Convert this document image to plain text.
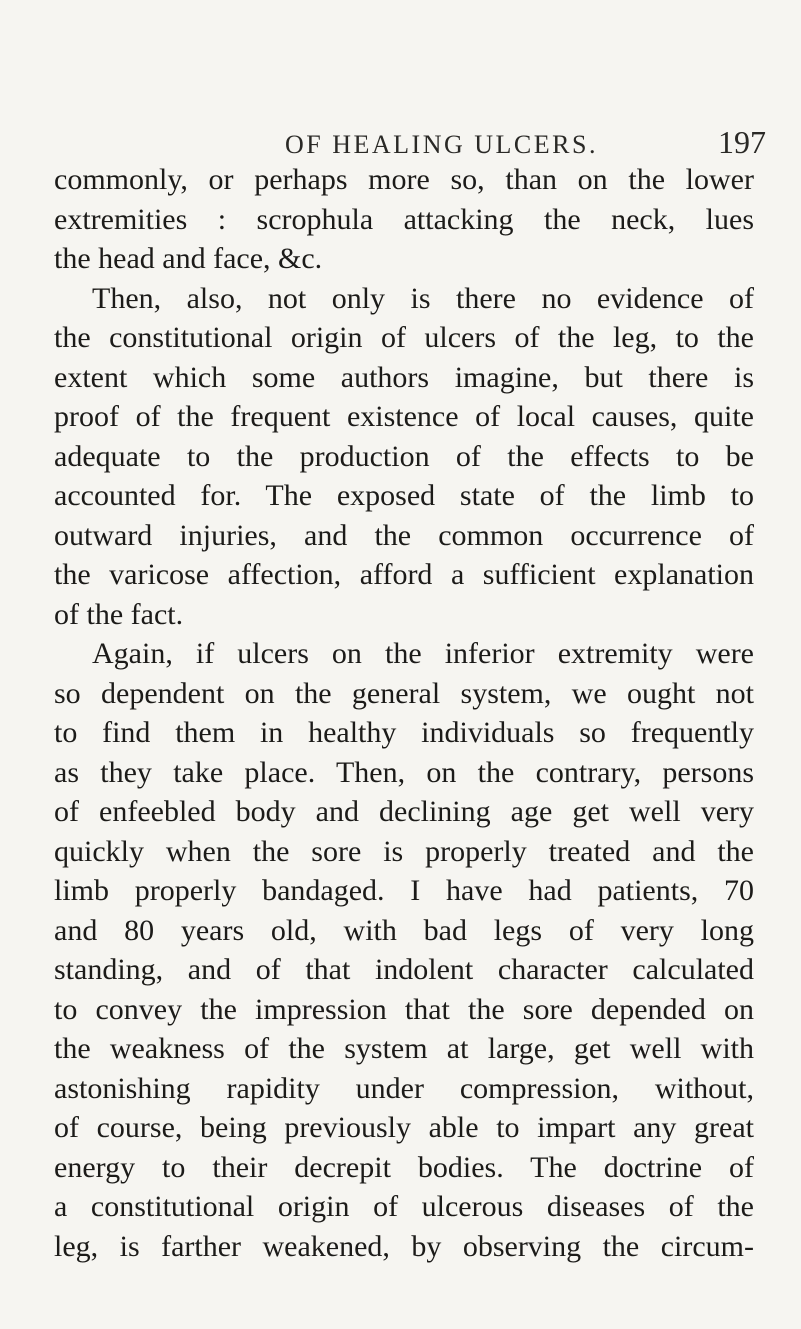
OF HEALING ULCERS.	197
commonly, or perhaps more so, than on the lower
extremities : scrophula attacking the neck, lues
the head and face, &c.
Then, also, not only is there no evidence of
the constitutional origin of ulcers of the leg, to the
extent which some authors imagine, but there is
proof of the frequent existence of local causes, quite
adequate to the production of the effects to be
accounted for. The exposed state of the limb to
outward injuries, and the common occurrence of
the varicose affection, afford a sufficient explanation
of the fact.
Again, if ulcers on the inferior extremity were
so dependent on the general system, we ought not
to find them in healthy individuals so frequently
as they take place. Then, on the contrary, persons
of enfeebled body and declining age get well very
quickly when the sore is properly treated and the
limb properly bandaged. I have had patients, 70
and 80 years old, with bad legs of very long
standing, and of that indolent character calculated
to convey the impression that the sore depended on
the weakness of the system at large, get well with
astonishing rapidity under compression, without,
of course, being previously able to impart any great
energy to their decrepit bodies. The doctrine of
a constitutional origin of ulcerous diseases of the
leg, is farther weakened, by observing the circum-
